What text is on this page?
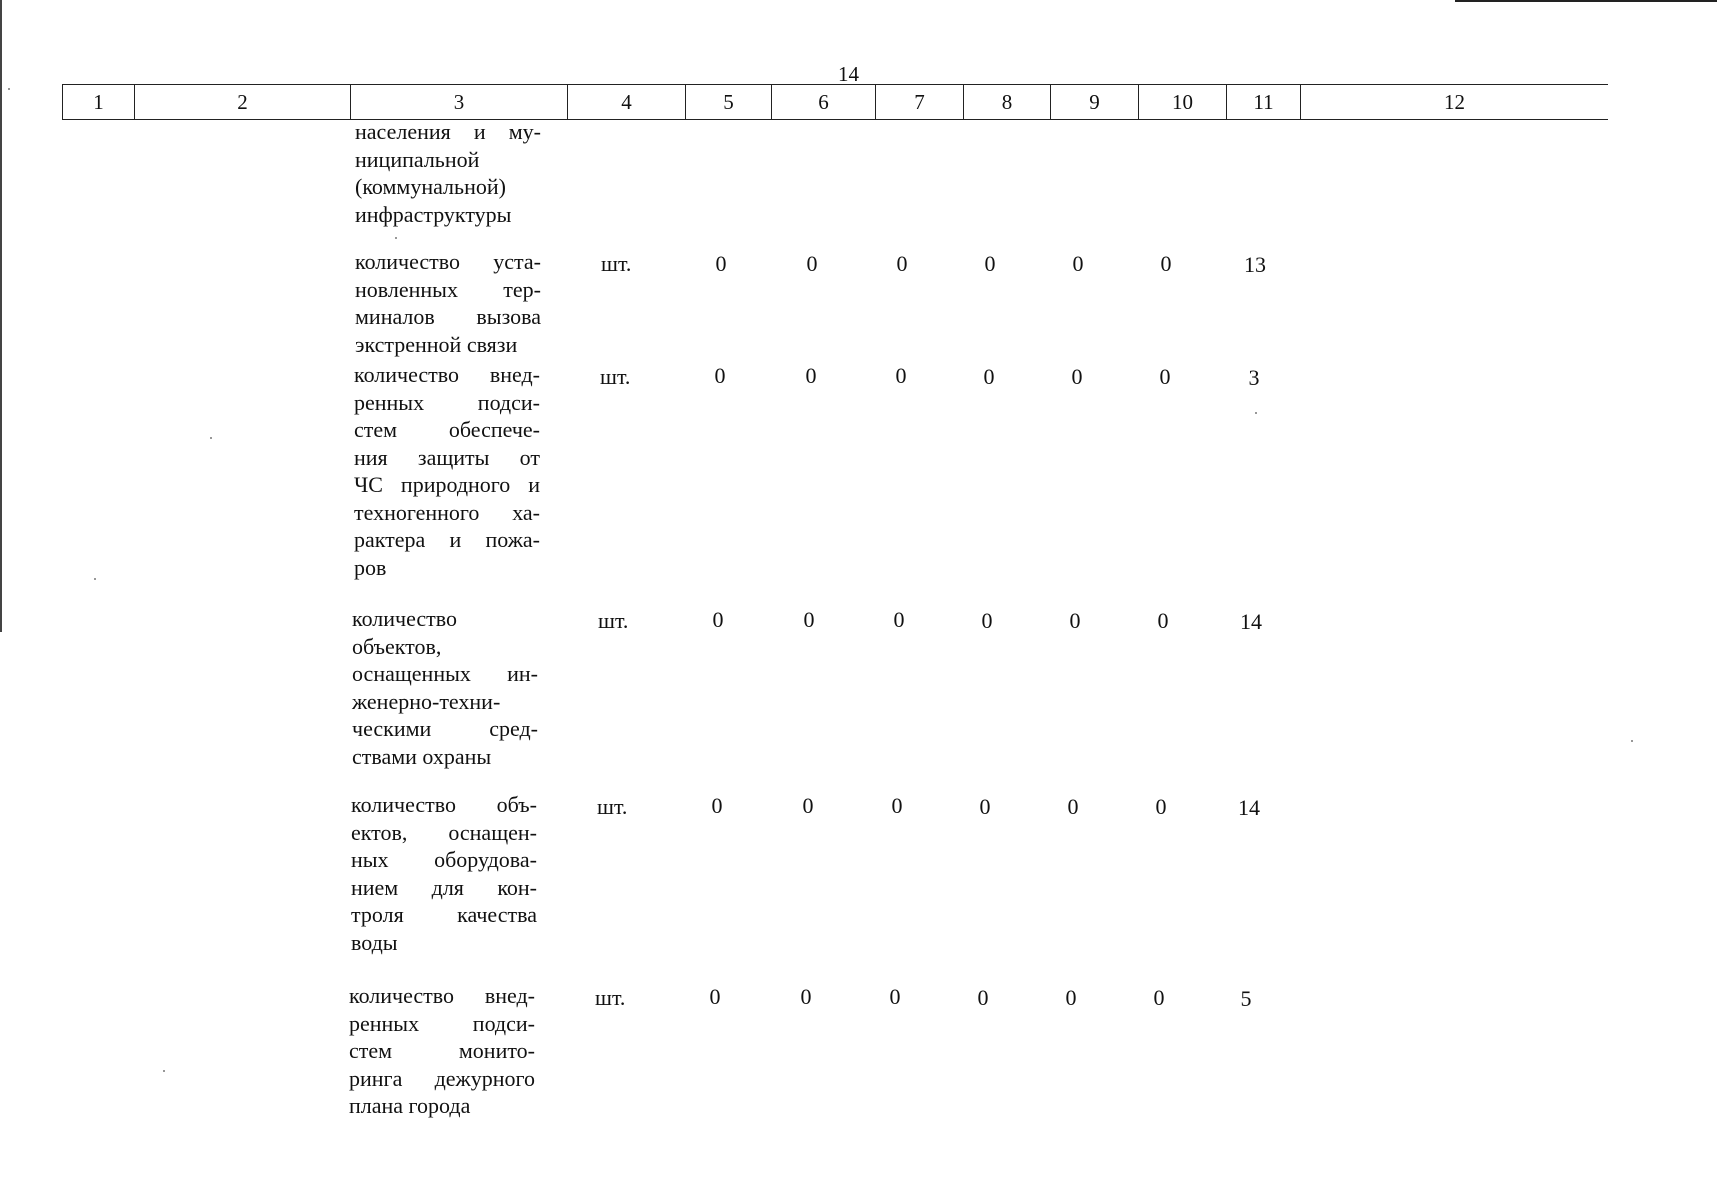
14
1	2	3	4	5	6	7	8	9	10	11	12
населения и му-
ниципальной
(коммунальной)
инфраструктуры
количество уста-
новленных тер-
миналов вызова
экстренной связи
шт.	0	0	0	0	0	0	13
количество внед-
ренных подси-
стем обеспече-
ния защиты от
ЧС природного и
техногенного ха-
рактера и пожа-
ров
шт.	0	0	0	0	0	0	3
количество
объектов,
оснащенных ин-
женерно-техни-
ческими сред-
ствами охраны
шт.	0	0	0	0	0	0	14
количество объ-
ектов, оснащен-
ных оборудова-
нием для кон-
троля качества
воды
шт.	0	0	0	0	0	0	14
количество внед-
ренных подси-
стем монито-
ринга дежурного
плана города
шт.	0	0	0	0	0	0	5
